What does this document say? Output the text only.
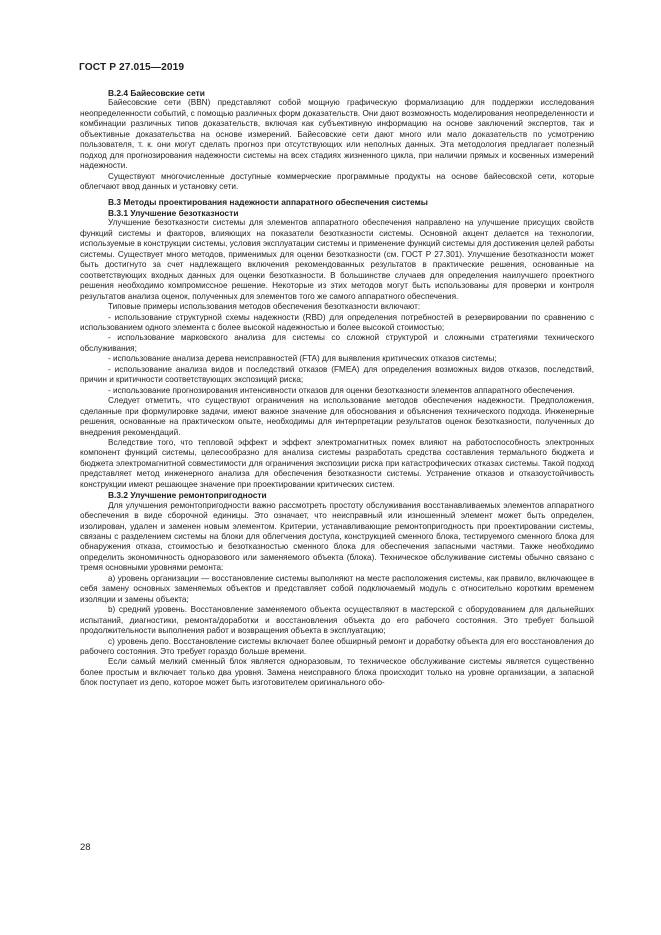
ГОСТ Р 27.015—2019
В.2.4 Байесовские сети

Байесовские сети (BBN) представляют собой мощную графическую формализацию для поддержки исследования неопределенности событий, с помощью различных форм доказательств. Они дают возможность моделирования неопределенности и комбинации различных типов доказательств, включая как субъективную информацию на основе заключений экспертов, так и объективные доказательства на основе измерений. Байесовские сети дают много или мало доказательств по усмотрению пользователя, т. к. они могут сделать прогноз при отсутствующих или неполных данных. Эта методология предлагает полезный подход для прогнозирования надежности системы на всех стадиях жизненного цикла, при наличии прямых и косвенных измерений надежности.

Существуют многочисленные доступные коммерческие программные продукты на основе байесовской сети, которые облегчают ввод данных и установку сети.

В.3 Методы проектирования надежности аппаратного обеспечения системы
В.3.1 Улучшение безотказности

Улучшение безотказности системы для элементов аппаратного обеспечения направлено на улучшение присущих свойств функций системы и факторов, влияющих на показатели безотказности системы. Основной акцент делается на технологии, используемые в конструкции системы, условия эксплуатации системы и применение функций системы для достижения целей работы системы. Существует много методов, применимых для оценки безотказности (см. ГОСТ Р 27.301). Улучшение безотказности может быть достигнуто за счет надлежащего включения рекомендованных результатов в практические решения, основанные на соответствующих входных данных для оценки безотказности. В большинстве случаев для определения наилучшего проектного решения необходимо компромиссное решение. Некоторые из этих методов могут быть использованы для проверки и контроля результатов анализа оценок, полученных для элементов того же самого аппаратного обеспечения.

Типовые примеры использования методов обеспечения безотказности включают:

- использование структурной схемы надежности (RBD) для определения потребностей в резервировании по сравнению с использованием одного элемента с более высокой надежностью и более высокой стоимостью;

- использование марковского анализа для системы со сложной структурой и сложными стратегиями технического обслуживания;

- использование анализа дерева неисправностей (FTA) для выявления критических отказов системы;

- использование анализа видов и последствий отказов (FMEA) для определения возможных видов отказов, последствий, причин и критичности соответствующих экспозиций риска;

- использование прогнозирования интенсивности отказов для оценки безотказности элементов аппаратного обеспечения.

Следует отметить, что существуют ограничения на использование методов обеспечения надежности. Предположения, сделанные при формулировке задачи, имеют важное значение для обоснования и объяснения технического подхода. Инженерные решения, основанные на практическом опыте, необходимы для интерпретации результатов оценок безотказности, полученных до внедрения рекомендаций.

Вследствие того, что тепловой эффект и эффект электромагнитных помех влияют на работоспособность электронных компонент функций системы, целесообразно для анализа системы разработать средства составления термального бюджета и бюджета электромагнитной совместимости для ограничения экспозиции риска при катастрофических отказах системы. Такой подход представляет метод инженерного анализа для обеспечения безотказности системы. Устранение отказов и отказоустойчивость конструкции имеют решающее значение при проектировании критических систем.

В.3.2 Улучшение ремонтопригодности

Для улучшения ремонтопригодности важно рассмотреть простоту обслуживания восстанавливаемых элементов аппаратного обеспечения в виде сборочной единицы. Это означает, что неисправный или изношенный элемент может быть определен, изолирован, удален и заменен новым элементом. Критерии, устанавливающие ремонтопригодность при проектировании системы, связаны с разделением системы на блоки для облегчения доступа, конструкцией сменного блока, тестируемого сменного блока для обнаружения отказа, стоимостью и безотказностью сменного блока для обеспечения запасными частями. Также необходимо определить экономичность одноразового или заменяемого объекта (блока). Техническое обслуживание системы обычно связано с тремя основными уровнями ремонта:

а) уровень организации — восстановление системы выполняют на месте расположения системы, как правило, включающее в себя замену основных заменяемых объектов и представляет собой подключаемый модуль с относительно коротким временем изоляции и замены объекта;

b) средний уровень. Восстановление заменяемого объекта осуществляют в мастерской с оборудованием для дальнейших испытаний, диагностики, ремонта/доработки и восстановления объекта до его рабочего состояния. Это требует большой продолжительности выполнения работ и возвращения объекта в эксплуатацию;

c) уровень депо. Восстановление системы включает более обширный ремонт и доработку объекта для его восстановления до рабочего состояния. Это требует гораздо больше времени.

Если самый мелкий сменный блок является одноразовым, то техническое обслуживание системы является существенно более простым и включает только два уровня. Замена неисправного блока происходит только на уровне организации, а запасной блок поступает из депо, которое может быть изготовителем оригинального обо-

28
